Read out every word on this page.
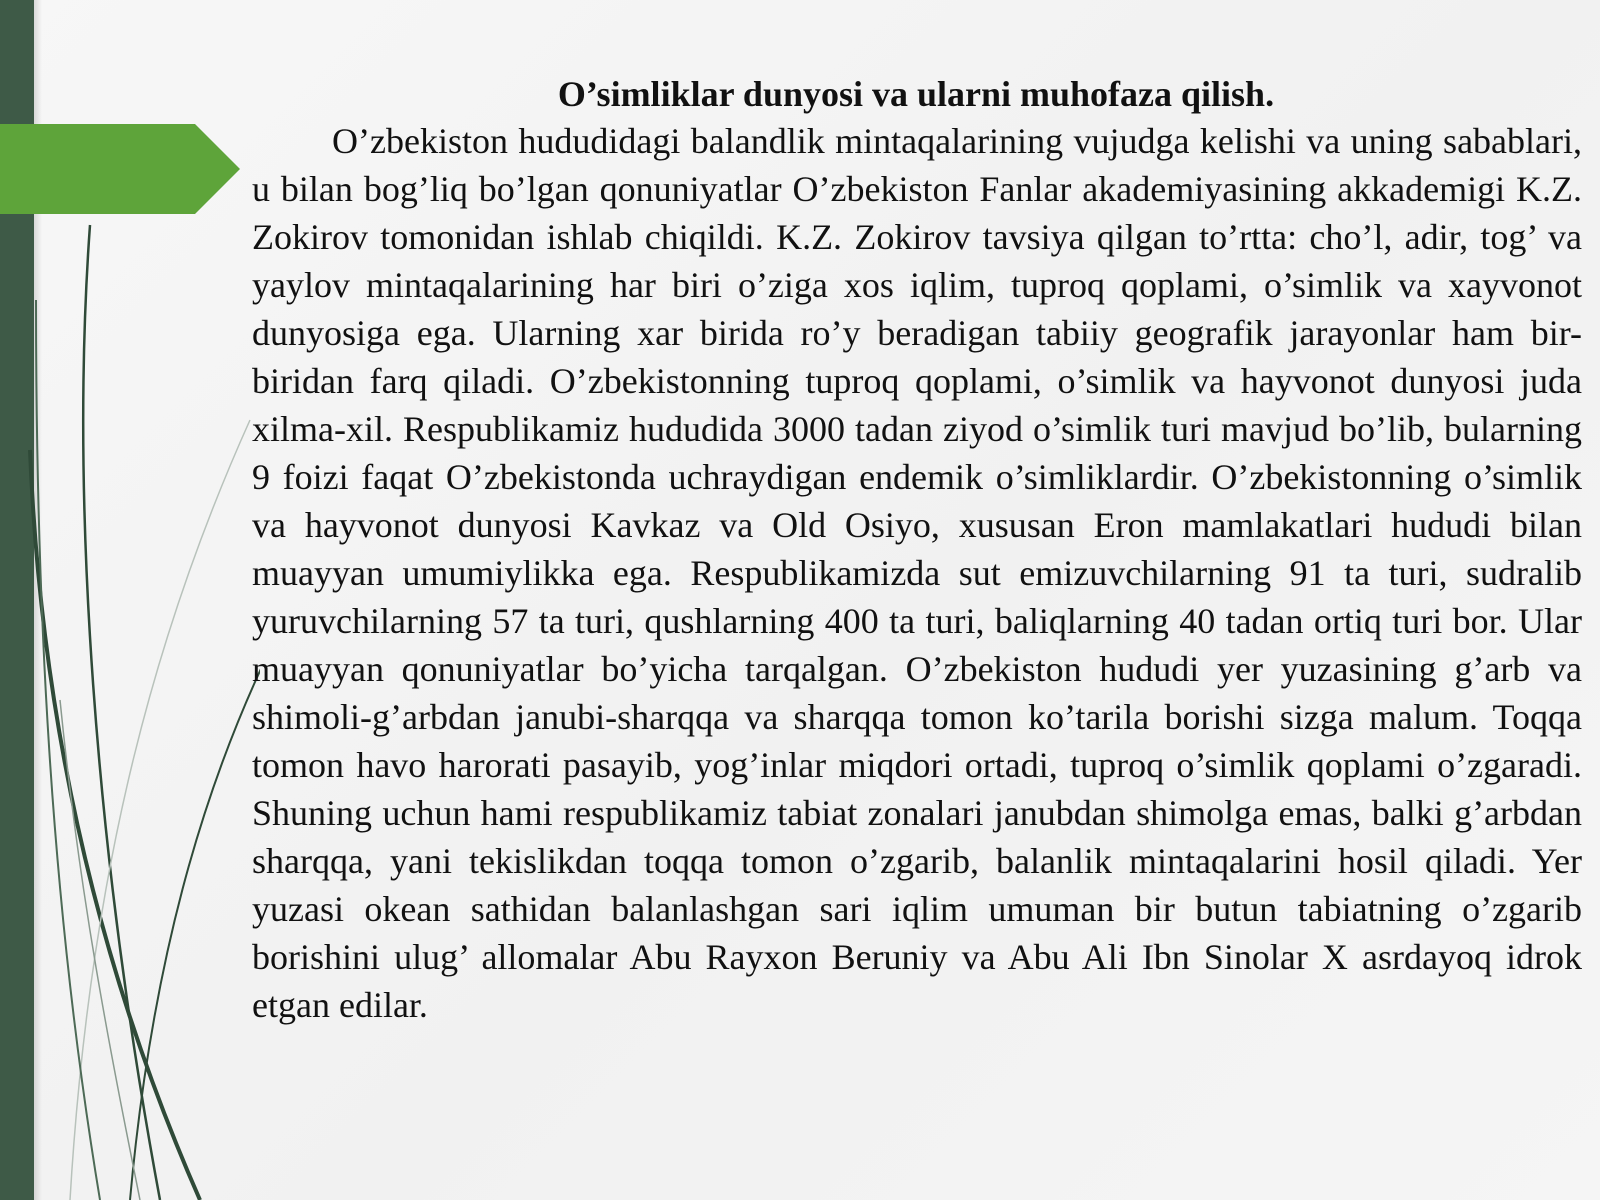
O’simliklar dunyosi va ularni muhofaza qilish.
O’zbekiston hududidagi balandlik mintaqalarining vujudga kelishi va uning sabablari, u bilan bog’liq bo’lgan qonuniyatlar O’zbekiston Fanlar akademiyasining akkademigi K.Z. Zokirov tomonidan ishlab chiqildi. K.Z. Zokirov tavsiya qilgan to’rtta: cho’l, adir, tog’ va yaylov mintaqalarining har biri o’ziga xos iqlim, tuproq qoplami, o’simlik va xayvonot dunyosiga ega. Ularning xar birida ro’y beradigan tabiiy geografik jarayonlar ham bir-biridan farq qiladi. O’zbekistonning tuproq qoplami, o’simlik va hayvonot dunyosi juda xilma-xil. Respublikamiz hududida 3000 tadan ziyod o’simlik turi mavjud bo’lib, bularning 9 foizi faqat O’zbekistonda uchraydigan endemik o’simliklardir. O’zbekistonning o’simlik va hayvonot dunyosi Kavkaz va Old Osiyo, xususan Eron mamlakatlari hududi bilan muayyan umumiylikka ega. Respublikamizda sut emizuvchilarning 91 ta turi, sudralib yuruvchilarning 57 ta turi, qushlarning 400 ta turi, baliqlarning 40 tadan ortiq turi bor. Ular muayyan qonuniyatlar bo’yicha tarqalgan. O’zbekiston hududi yer yuzasining g’arb va shimoli-g’arbdan janubi-sharqqa va sharqqa tomon ko’tarila borishi sizga malum. Toqqa tomon havo harorati pasayib, yog’inlar miqdori ortadi, tuproq o’simlik qoplami o’zgaradi. Shuning uchun hami respublikamiz tabiat zonalari janubdan shimolga emas, balki g’arbdan sharqqa, yani tekislikdan toqqa tomon o’zgarib, balanlik mintaqalarini hosil qiladi. Yer yuzasi okean sathidan balanlashgan sari iqlim umuman bir butun tabiatning o’zgarib borishini ulug’ allomalar Abu Rayxon Beruniy va Abu Ali Ibn Sinolar X asrdayoq idrok etgan edilar.
